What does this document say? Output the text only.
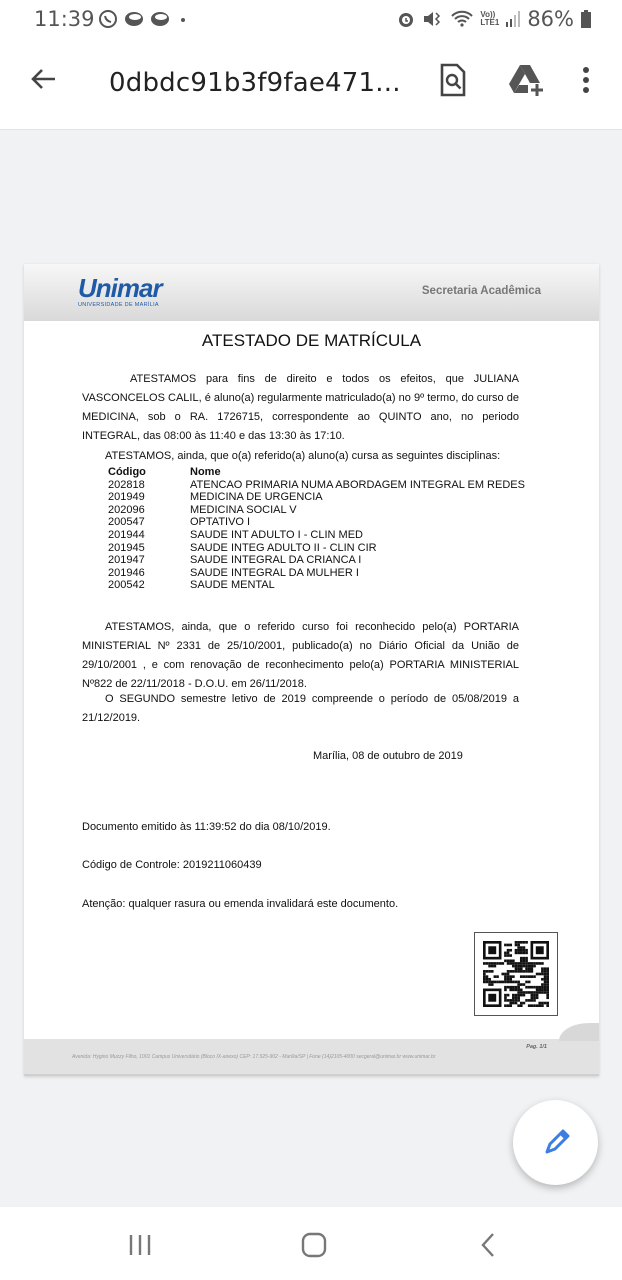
11:39	Vo))
LTE1 86%
0dbdc91b3f9fae471...
Unimar
UNIVERSIDADE DE MARÍLIA
Secretaria Acadêmica
ATESTADO DE MATRÍCULA
ATESTAMOS para fins de direito e todos os efeitos, que JULIANA VASCONCELOS CALIL, é aluno(a) regularmente matriculado(a) no 9º termo, do curso de MEDICINA, sob o RA. 1726715, correspondente ao QUINTO ano, no periodo INTEGRAL, das 08:00 às 11:40 e das 13:30 às 17:10.
ATESTAMOS, ainda, que o(a) referido(a) aluno(a) cursa as seguintes disciplinas:
Código	Nome
202818	ATENCAO PRIMARIA NUMA ABORDAGEM INTEGRAL EM REDES
201949	MEDICINA DE URGENCIA
202096	MEDICINA SOCIAL V
200547	OPTATIVO I
201944	SAUDE INT ADULTO I - CLIN MED
201945	SAUDE INTEG ADULTO II - CLIN CIR
201947	SAUDE INTEGRAL DA CRIANCA I
201946	SAUDE INTEGRAL DA MULHER I
200542	SAUDE MENTAL
ATESTAMOS, ainda, que o referido curso foi reconhecido pelo(a) PORTARIA MINISTERIAL Nº 2331 de 25/10/2001, publicado(a) no Diário Oficial da União de 29/10/2001 , e com renovação de reconhecimento pelo(a) PORTARIA MINISTERIAL Nº822 de 22/11/2018 - D.O.U. em 26/11/2018.
O SEGUNDO semestre letivo de 2019 compreende o período de 05/08/2019 a 21/12/2019.
Marília, 08 de outubro de 2019
Documento emitido às 11:39:52 do dia 08/10/2019.
Código de Controle: 2019211060439
Atenção: qualquer rasura ou emenda invalidará este documento.
Pag. 1/1
Avenida: Hygino Muzzy Filho, 1001 Campus Universitário (Bloco IX-anexo) CEP: 17.525-902 - Marília/SP | Fone (14)2105-4000 secgeral@unimar.br www.unimar.br
